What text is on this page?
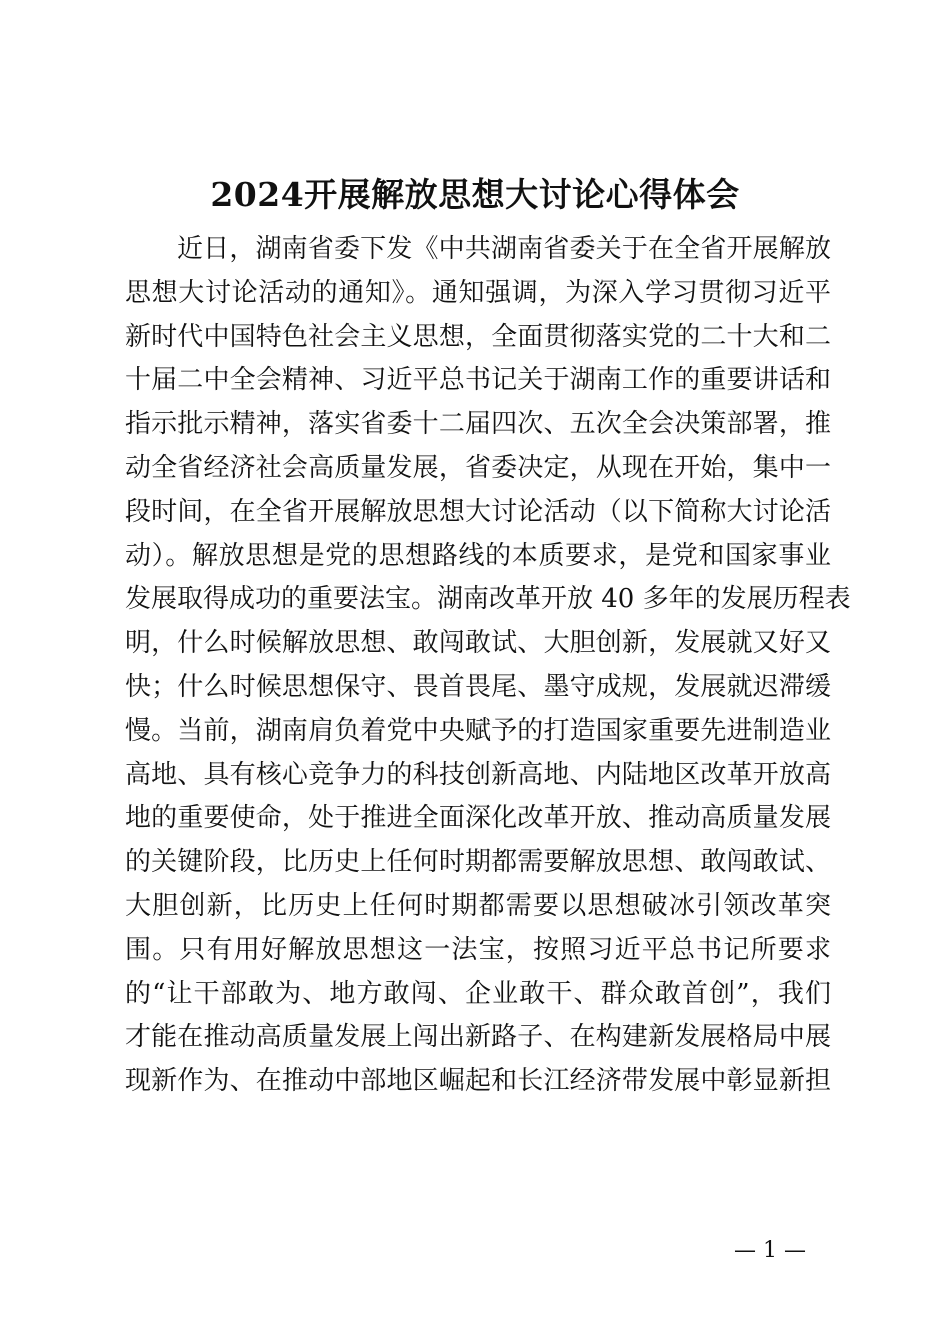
2024开展解放思想大讨论心得体会
近日，湖南省委下发《中共湖南省委关于在全省开展解放
思想大讨论活动的通知》。通知强调，为深入学习贯彻习近平
新时代中国特色社会主义思想，全面贯彻落实党的二十大和二
十届二中全会精神、习近平总书记关于湖南工作的重要讲话和
指示批示精神，落实省委十二届四次、五次全会决策部署，推
动全省经济社会高质量发展，省委决定，从现在开始，集中一
段时间，在全省开展解放思想大讨论活动（以下简称大讨论活
动）。解放思想是党的思想路线的本质要求，是党和国家事业
发展取得成功的重要法宝。湖南改革开放 40 多年的发展历程表
明，什么时候解放思想、敢闯敢试、大胆创新，发展就又好又
快；什么时候思想保守、畏首畏尾、墨守成规，发展就迟滞缓
慢。当前，湖南肩负着党中央赋予的打造国家重要先进制造业
高地、具有核心竞争力的科技创新高地、内陆地区改革开放高
地的重要使命，处于推进全面深化改革开放、推动高质量发展
的关键阶段，比历史上任何时期都需要解放思想、敢闯敢试、
大胆创新，比历史上任何时期都需要以思想破冰引领改革突
围。只有用好解放思想这一法宝，按照习近平总书记所要求
的“让干部敢为、地方敢闯、企业敢干、群众敢首创”，我们
才能在推动高质量发展上闯出新路子、在构建新发展格局中展
现新作为、在推动中部地区崛起和长江经济带发展中彰显新担
— 1 —
